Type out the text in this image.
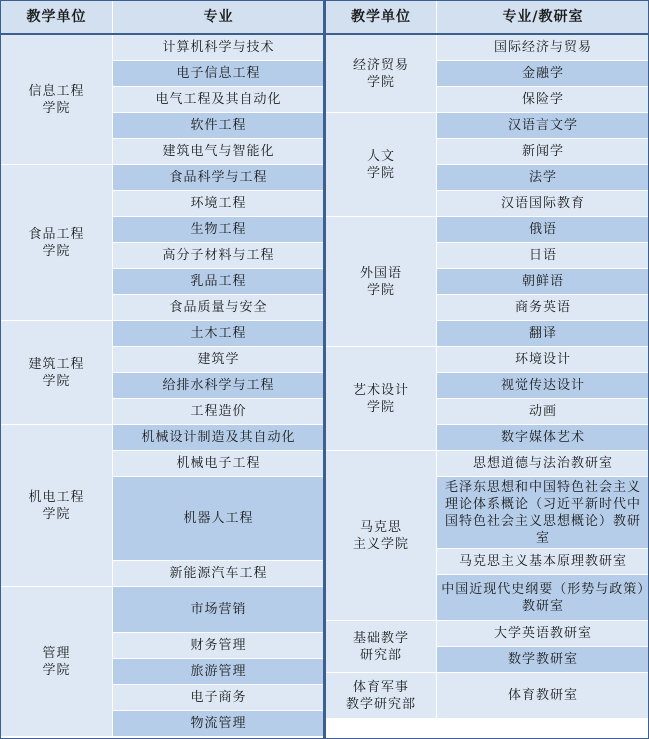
教学单位	专业
信息工程
学院	计算机科学与技术

	电子信息工程

	电气工程及其自动化

	软件工程

	建筑电气与智能化

食品工程
学院	食品科学与工程

	环境工程

	生物工程

	高分子材料与工程

	乳品工程

	食品质量与安全

建筑工程
学院	土木工程

	建筑学

	给排水科学与工程

	工程造价

机电工程
学院	机械设计制造及其自动化

	机械电子工程

	机器人工程

	新能源汽车工程

管理
学院	市场营销

	财务管理

	旅游管理

	电子商务

	物流管理
教学单位	专业/教研室
经济贸易
学院	国际经济与贸易

	金融学

	保险学

人文
学院	汉语言文学

	新闻学

	法学

	汉语国际教育

外国语
学院	俄语

	日语

	朝鲜语

	商务英语

	翻译

艺术设计
学院	环境设计

	视觉传达设计

	动画

	数字媒体艺术

马克思
主义学院	思想道德与法治教研室

	毛泽东思想和中国特色社会主义理论体系概论（习近平新时代中国特色社会主义思想概论）教研室

	马克思主义基本原理教研室

	中国近现代史纲要（形势与政策）教研室

基础教学
研究部	大学英语教研室

	数学教研室

体育军事
教学研究部	体育教研室
